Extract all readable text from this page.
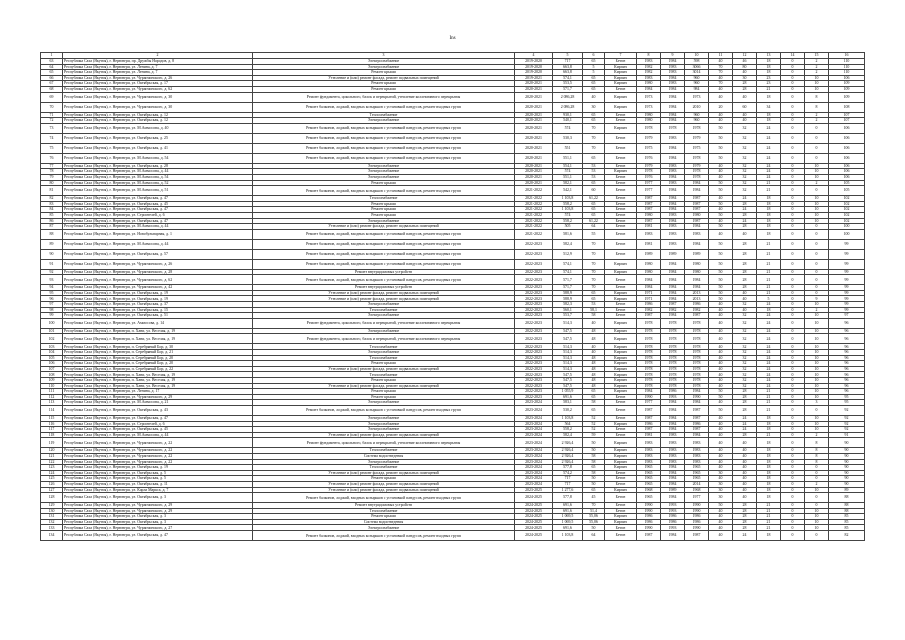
Ins
1	2	3	4	5	6	7	8	9	10	11	12	13	14	15	16
63	Республика Саха (Якутия), г. Нерюнгри, пр. Дружбы Народов, д. 8	Электроснабжение	2019-2020	717	65	Бетон	1983	1984	598	40	46	18	0	2	110
64	Республика Саха (Якутия), г. Нерюнгри, ул. Ленина, д. 7	Электроснабжение	2019-2020	663,8	5	Кирпич	1982	1983	3066	70	80	18	0	2	110
65	Республика Саха (Якутия), г. Нерюнгри, ул. Ленина, д. 7	Ремонт крыши	2019-2020	663,8	5	Кирпич	1982	1983	3014	70	40	18	0	2	110
66	Республика Саха (Якутия), г. Нерюнгри, ул. Чурапчинского, д. 26	Утепление и (или) ремонт фасада, ремонт подвальных помещений	2019-2021	574,1	65	Кирпич	1983	1984	960	40	30	23	0	10	106
67	Республика Саха (Якутия), г. Нерюнгри, ул. Октябрьская, д. 17	Ремонт крыши	2020-2021	553,5	65	Кирпич	1980	1983	960	70	28	23	0	10	109
68	Республика Саха (Якутия), г. Нерюнгри, ул. Чурапчинского, д. 62	Ремонт крыши	2020-2021	571,7	65	Бетон	1984	1984	984	40	28	21	0	10	109
69	Республика Саха (Якутия), г. Нерюнгри, ул. Чурапчинского, д. 30	Ремонт фундамента, цокольного, балок и перекрытий, утепление коллективного перекрытия	2020-2021	2 086,28	40	Кирпич	1973	1984	1973	40	40	18	0	8	109
70	Республика Саха (Якутия), г. Нерюнгри, ул. Чурапчинского, д. 30	Ремонт балконов, лоджий, входных козырьков с установкой пандусов, ремонт входных групп	2020-2021	2 086,28	30	Кирпич	1973	1984	2010	20	60	34	0	8	108
71	Республика Саха (Якутия), г. Нерюнгри, ул. Октябрьская, д. 12	Теплоснабжение	2020-2021	930,1	65	Бетон	1980	1984	960	40	40	18	0	2	107
72	Республика Саха (Якутия), г. Нерюнгри, ул. Октябрьская, д. 12	Электроснабжение	2020-2021	540,1	65	Бетон	1980	1984	960	40	40	18	0	2	107
73	Республика Саха (Якутия), г. Нерюнгри, ул. М.Аммосова, д. 40	Ремонт балконов, лоджий, входных козырьков с установкой пандусов, ремонт входных групп	2020-2021	574	70	Кирпич	1978	1978	1978	50	32	24	0	0	106
74	Республика Саха (Якутия), г. Нерюнгри, ул. Октябрьская, д. 25	Ремонт балконов, лоджий, входных козырьков с установкой пандусов, ремонт входных групп	2020-2021	530,3	70	Бетон	1979	1983	1979	50	32	24	0	0	106
75	Республика Саха (Якутия), г. Нерюнгри, ул. Октябрьская, д. 41	Ремонт балконов, лоджий, входных козырьков с установкой пандусов, ремонт входных групп	2020-2021	551	70	Бетон	1975	1984	1975	50	32	24	0	0	106
76	Республика Саха (Якутия), г. Нерюнгри, ул. М.Аммосова, д. 54	Ремонт балконов, лоджий, входных козырьков с установкой пандусов, ремонт входных групп	2020-2021	551,1	65	Бетон	1976	1984	1978	50	32	24	0	0	106
77	Республика Саха (Якутия), г. Нерюнгри, ул. Октябрьская, д. 28	Электроснабжение	2020-2021	554,1	53	Бетон	1979	1983	1979	40	32	24	0	10	106
78	Республика Саха (Якутия), г. Нерюнгри, ул. М.Аммосова, д. 44	Электроснабжение	2020-2021	574	53	Кирпич	1978	1983	1978	40	32	24	0	10	106
79	Республика Саха (Якутия), г. Нерюнгри, ул. М.Аммосова, д. 54	Электроснабжение	2020-2021	551,1	53	Бетон	1976	1984	1978	40	32	24	0	10	106
80	Республика Саха (Якутия), г. Нерюнгри, ул. М.Аммосова, д. 52	Ремонт крыши	2020-2021	582,1	65	Бетон	1977	1983	1984	50	32	21	0	2	105
81	Республика Саха (Якутия), г. Нерюнгри, ул. М.Аммосова, д. 51	Ремонт балконов, лоджий, входных козырьков с установкой пандусов, ремонт входных групп	2021-2022	542,1	60	Бетон	1977	1984	1984	50	32	21	0	0	105
82	Республика Саха (Якутия), г. Нерюнгри, ул. Октябрьская, д. 47	Теплоснабжение	2021-2022	1 103,8	61,22	Бетон	1987	1984	1987	40	24	18	0	10	102
83	Республика Саха (Якутия), г. Нерюнгри, ул. Октябрьская, д. 45	Ремонт крыши	2021-2022	558,2	65	Бетон	1987	1984	1987	50	28	18	0	10	102
84	Республика Саха (Якутия), г. Нерюнгри, ул. Октябрьская, д. 47	Ремонт крыши	2021-2022	1 103,8	65	Бетон	1987	1984	1987	40	24	18	0	10	102
85	Республика Саха (Якутия), г. Нерюнгри, ул. Строителей, д. 6	Ремонт крыши	2021-2022	574	65	Бетон	1980	1983	1980	50	28	18	0	10	102
86	Республика Саха (Якутия), г. Нерюнгри, ул. Октябрьская, д. 47	Электроснабжение	2021-2022	558,2	61,22	Бетон	1987	1984	1987	40	24	18	0	10	102
87	Республика Саха (Якутия), г. Нерюнгри, ул. М.Аммосова, д. 44	Утепление и (или) ремонт фасада, ремонт подвальных помещений	2021-2022	505	64	Бетон	1981	1983	1984	50	28	18	0	0	100
88	Республика Саха (Якутия), г. Нерюнгри, ул. Новобульварная, д. 1	Ремонт балконов, лоджий, входных козырьков с установкой пандусов, ремонт входных групп	2021-2022	581,6	55	Бетон	1983	1983	1983	40	40	18	0	0	100
89	Республика Саха (Якутия), г. Нерюнгри, ул. М.Аммосова, д. 44	Ремонт балконов, лоджий, входных козырьков с установкой пандусов, ремонт входных групп	2022-2023	582,4	70	Бетон	1981	1983	1984	50	28	21	0	0	99
90	Республика Саха (Якутия), г. Нерюнгри, ул. Октябрьская, д. 57	Ремонт балконов, лоджий, входных козырьков с установкой пандусов, ремонт входных групп	2022-2023	512,9	70	Бетон	1989	1989	1989	50	28	21	0	0	99
91	Республика Саха (Якутия), г. Нерюнгри, ул. Чурапчинского, д. 26	Ремонт балконов, лоджий, входных козырьков с установкой пандусов, ремонт входных групп	2022-2023	574,1	70	Кирпич	1980	1984	1980	50	28	21	0	0	99
92	Республика Саха (Якутия), г. Нерюнгри, ул. Чурапчинского, д. 28	Ремонт внутридомовых устройств	2022-2023	574,1	70	Кирпич	1980	1984	1980	50	28	21	0	0	99
93	Республика Саха (Якутия), г. Нерюнгри, ул. Чурапчинского, д. 62	Ремонт балконов, лоджий, входных козырьков с установкой пандусов, ремонт входных групп	2022-2023	571,7	70	Бетон	1984	1984	1984	50	28	21	0	0	99
94	Республика Саха (Якутия), г. Нерюнгри, ул. Чурапчинского, д. 42	Ремонт внутридомовых устройств	2022-2023	571,7	70	Бетон	1984	1984	1984	50	28	21	0	0	99
95	Республика Саха (Якутия), г. Нерюнгри, ул. Октябрьская, д. 19	Утепление и (или) ремонт фасада, ремонт подвальных помещений	2022-2023	588,9	65	Кирпич	1971	1984	2013	50	40	21	0	0	99
96	Республика Саха (Якутия), г. Нерюнгри, ул. Октябрьская, д. 19	Утепление и (или) ремонт фасада, ремонт подвальных помещений	2022-2023	588,9	65	Кирпич	1971	1984	2013	50	40	5	0	9	99
97	Республика Саха (Якутия), г. Нерюнгри, ул. Октябрьская, д. 37	Электроснабжение	2022-2023	582,3	53	Бетон	1986	1987	1986	40	32	24	0	10	99
98	Республика Саха (Якутия), г. Нерюнгри, ул. Октябрьская, д. 15	Теплоснабжение	2022-2023	560,1	58,1	Бетон	1982	1982	1982	40	40	18	0	2	99
99	Республика Саха (Якутия), г. Нерюнгри, ул. Октябрьская, д. 51	Электроснабжение	2022-2023	553,7	58	Бетон	1987	1984	1987	40	32	24	0	10	97
100	Республика Саха (Якутия), г. Нерюнгри, ул. Аммосова, д. 14	Ремонт фундамента, цокольного, балок и перекрытий, утепление коллективного перекрытия	2022-2023	514,3	40	Кирпич	1978	1978	1978	40	32	24	0	10	96
101	Республика Саха (Якутия), г. Нерюнгри, п. Хани, ул. Веселая, д. 19	Электроснабжение	2022-2023	547,5	48	Кирпич	1978	1978	1978	40	32	24	0	10	96
102	Республика Саха (Якутия), г. Нерюнгри, п. Хани, ул. Веселая, д. 19	Ремонт фундамента, цокольного, балок и перекрытий, утепление коллективного перекрытия	2022-2023	547,5	48	Кирпич	1978	1978	1978	40	32	24	0	10	96
103	Республика Саха (Якутия), г. Нерюнгри, п. Серебряный Бор, д. 30	Теплоснабжение	2022-2023	514,3	40	Кирпич	1978	1978	1978	40	32	24	0	10	96
104	Республика Саха (Якутия), г. Нерюнгри, п. Серебряный Бор, д. 21	Электроснабжение	2022-2023	514,3	40	Кирпич	1978	1978	1978	40	32	24	0	10	96
105	Республика Саха (Якутия), г. Нерюнгри, п. Серебряный Бор, д. 20	Теплоснабжение	2022-2023	514,3	48	Кирпич	1978	1978	1978	40	32	24	0	10	96
106	Республика Саха (Якутия), г. Нерюнгри, п. Серебряный Бор, д. 20	Ремонт крыши	2022-2023	514,3	48	Кирпич	1978	1978	1978	40	32	24	0	10	96
107	Республика Саха (Якутия), г. Нерюнгри, п. Серебряный Бор, д. 22	Утепление и (или) ремонт фасада, ремонт подвальных помещений	2022-2023	514,3	48	Кирпич	1978	1978	1978	40	32	24	0	10	96
108	Республика Саха (Якутия), г. Нерюнгри, п. Хани, ул. Веселая, д. 19	Теплоснабжение	2022-2023	547,5	48	Кирпич	1978	1978	1978	40	32	24	0	10	96
109	Республика Саха (Якутия), г. Нерюнгри, п. Хани, ул. Веселая, д. 19	Ремонт крыши	2022-2023	547,5	48	Кирпич	1978	1978	1978	40	32	24	0	10	96
110	Республика Саха (Якутия), г. Нерюнгри, п. Хани, ул. Веселая, д. 19	Утепление и (или) ремонт фасада, ремонт подвальных помещений	2022-2023	547,5	48	Кирпич	1978	1978	1978	40	32	24	0	10	96
111	Республика Саха (Якутия), г. Нерюнгри, ул. Ленина, д. 17	Ремонт крыши	2022-2023	1 055,9	65	Кирпич	1984	1986	1984	50	28	21	0	10	96
112	Республика Саха (Якутия), г. Нерюнгри, ул. Чурапчинского, д. 29	Ремонт крыши	2022-2023	691,6	65	Бетон	1990	1993	1990	50	28	21	0	10	95
113	Республика Саха (Якутия), г. Нерюнгри, ул. М.Аммосова, д. 21	Электроснабжение	2023-2024	583,1	58	Бетон	1977	1984	1984	40	28	21	0	3	95
114	Республика Саха (Якутия), г. Нерюнгри, ул. Октябрьская, д. 43	Ремонт балконов, лоджий, входных козырьков с установкой пандусов, ремонт входных групп	2023-2024	530,2	65	Бетон	1987	1984	1987	50	28	21	0	0	92
115	Республика Саха (Якутия), г. Нерюнгри, ул. Октябрьская, д. 47	Электроснабжение	2023-2024	1 103,8	52	Бетон	1987	1984	1987	40	24	18	0	10	92
116	Республика Саха (Якутия), г. Нерюнгри, ул. Строителей, д. 6	Электроснабжение	2023-2024	564	52	Кирпич	1986	1984	1986	40	24	18	0	10	92
117	Республика Саха (Якутия), г. Нерюнгри, ул. Октябрьская, д. 45	Электроснабжение	2023-2024	558,2	52	Бетон	1987	1984	1987	40	24	18	0	10	92
118	Республика Саха (Якутия), г. Нерюнгри, ул. М.Аммосова, д. 44	Утепление и (или) ремонт фасада, ремонт подвальных помещений	2023-2024	582,4	59	Бетон	1981	1983	1984	40	28	21	0	2	91
119	Республика Саха (Якутия), г. Нерюнгри, ул. Чурапчинского, д. 22	Ремонт фундамента, цокольного, балок и перекрытий, утепление коллективного перекрытия	2023-2024	2 926,4	50	Кирпич	1983	1983	1983	40	40	18	0	8	90
120	Республика Саха (Якутия), г. Нерюнгри, ул. Чурапчинского, д. 22	Теплоснабжение	2023-2024	2 926,4	50	Кирпич	1983	1983	1983	40	40	18	0	8	90
121	Республика Саха (Якутия), г. Нерюнгри, ул. Чурапчинского, д. 22	Система водоотведения	2023-2024	2 926,4	58	Кирпич	1983	1983	1983	40	40	18	0	8	90
122	Республика Саха (Якутия), г. Нерюнгри, ул. Чурапчинского, д. 22	Электроснабжение	2023-2024	2 926,4	58	Кирпич	1983	1983	1983	40	40	18	0	8	90
123	Республика Саха (Якутия), г. Нерюнгри, ул. Октябрьская, д. 19	Теплоснабжение	2023-2024	577,8	65	Кирпич	1965	1984	1965	40	40	18	0	0	90
124	Республика Саха (Якутия), г. Нерюнгри, ул. Октябрьская, д. 5	Утепление и (или) ремонт фасада, ремонт подвальных помещений	2023-2024	574,2	58	Бетон	1965	1984	1965	30	40	18	0	0	90
125	Республика Саха (Якутия), г. Нерюнгри, ул. Октябрьская, д. 5	Ремонт крыши	2023-2024	717	50	Бетон	1965	1984	1965	40	40	18	0	0	90
126	Республика Саха (Якутия), г. Нерюнгри, ул. Октябрьская, д. 11	Утепление и (или) ремонт фасада, ремонт подвальных помещений	2023-2024	717	50	Бетон	1965	1984	2014	30	40	18	0	2	90
127	Республика Саха (Якутия), г. Нерюнгри, ул. Карла Маркса, д. 7	Утепление и (или) ремонт фасада, ремонт подвальных помещений	2023-2025	1 277,6	65	Кирпич	1968	1989	1968	30	40	18	0	10	89
128	Республика Саха (Якутия), г. Нерюнгри, ул. Октябрьская, д. 3	Ремонт балконов, лоджий, входных козырьков с установкой пандусов, ремонт входных групп	2024-2025	577,8	45	Бетон	1965	1984	1977	30	40	18	0	0	88
129	Республика Саха (Якутия), г. Нерюнгри, ул. Чурапчинского, д. 29	Ремонт внутридомовых устройств	2024-2025	691,6	70	Бетон	1990	1993	1990	50	28	21	0	0	88
130	Республика Саха (Якутия), г. Нерюнгри, ул. Чурапчинского, д. 29	Теплоснабжение	2024-2025	691,6	51,4	Бетон	1990	1993	1990	40	28	21	0	10	88
131	Республика Саха (Якутия), г. Нерюнгри, ул. Октябрьская, д. 3	Ремонт крыши	2024-2025	1 069,5	55,06	Кирпич	1986	1986	1986	40	28	21	0	10	85
132	Республика Саха (Якутия), г. Нерюнгри, ул. Октябрьская, д. 3	Система водоотведения	2024-2025	1 069,5	55,06	Кирпич	1986	1986	1986	40	28	21	0	10	85
133	Республика Саха (Якутия), г. Нерюнгри, ул. Чурапчинского, д. 27	Электроснабжение	2024-2025	691,6	50	Бетон	1990	1993	1990	40	28	21	0	10	85
134	Республика Саха (Якутия), г. Нерюнгри, ул. Октябрьская, д. 47	Ремонт балконов, лоджий, входных козырьков с установкой пандусов, ремонт входных групп	2024-2025	1 103,8	64	Бетон	1987	1984	1987	40	24	18	0	0	82
